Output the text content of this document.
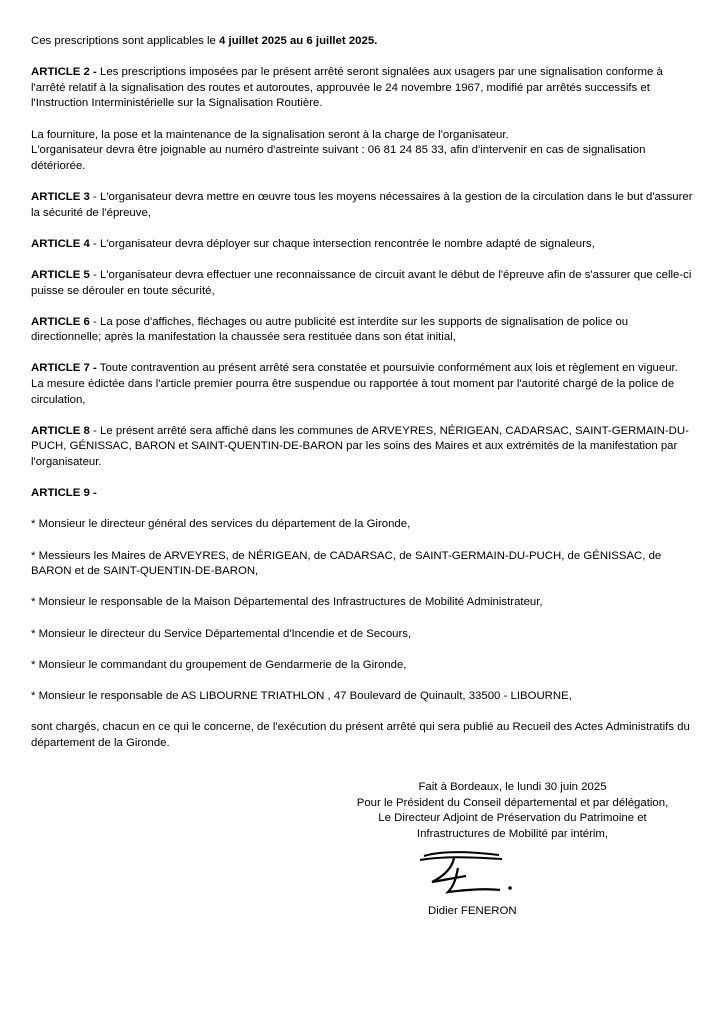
Ces prescriptions sont applicables le 4 juillet 2025 au 6 juillet 2025.

ARTICLE 2 - Les prescriptions imposées par le présent arrêté seront signalées aux usagers par une signalisation conforme à l'arrêté relatif à la signalisation des routes et autoroutes, approuvée le 24 novembre 1967, modifié par arrêtés successifs et l'Instruction Interministérielle sur la Signalisation Routière.

La fourniture, la pose et la maintenance de la signalisation seront à la charge de l'organisateur.
L'organisateur devra être joignable au numéro d'astreinte suivant : 06 81 24 85 33, afin d'intervenir en cas de signalisation détériorée.

ARTICLE 3 - L'organisateur devra mettre en œuvre tous les moyens nécessaires à la gestion de la circulation dans le but d'assurer la sécurité de l'épreuve,

ARTICLE 4 - L'organisateur devra déployer sur chaque intersection rencontrée le nombre adapté de signaleurs,

ARTICLE 5 - L'organisateur devra effectuer une reconnaissance de circuit avant le début de l'épreuve afin de s'assurer que celle-ci puisse se dérouler en toute sécurité,

ARTICLE 6 - La pose d'affiches, fléchages ou autre publicité est interdite sur les supports de signalisation de police ou directionnelle; après la manifestation la chaussée sera restituée dans son état initial,

ARTICLE 7 - Toute contravention au présent arrêté sera constatée et poursuivie conformément aux lois et règlement en vigueur.
La mesure édictée dans l'article premier pourra être suspendue ou rapportée à tout moment par l'autorité chargé de la police de circulation,

ARTICLE 8 - Le présent arrêté sera affiché dans les communes de ARVEYRES, NÉRIGEAN, CADARSAC, SAINT-GERMAIN-DU-PUCH, GÉNISSAC, BARON et SAINT-QUENTIN-DE-BARON par les soins des Maires et aux extrémités de la manifestation par l'organisateur.

ARTICLE 9 -

* Monsieur le directeur général des services du département de la Gironde,

* Messieurs les Maires de ARVEYRES, de NÉRIGEAN, de CADARSAC, de SAINT-GERMAIN-DU-PUCH, de GÉNISSAC, de BARON et de SAINT-QUENTIN-DE-BARON,

* Monsieur le responsable de la Maison Départemental des Infrastructures de Mobilité Administrateur,

* Monsieur le directeur du Service Départemental d'Incendie et de Secours,

* Monsieur le commandant du groupement de Gendarmerie de la Gironde,

* Monsieur le responsable de AS LIBOURNE TRIATHLON , 47 Boulevard de Quinault, 33500 - LIBOURNE,

sont chargés, chacun en ce qui le concerne, de l'exécution du présent arrêté qui sera publié au Recueil des Actes Administratifs du département de la Gironde.

Fait à Bordeaux, le lundi 30 juin 2025
Pour le Président du Conseil départemental et par délégation,
Le Directeur Adjoint de Préservation du Patrimoine et
Infrastructures de Mobilité par intérim,
Didier FENERON
